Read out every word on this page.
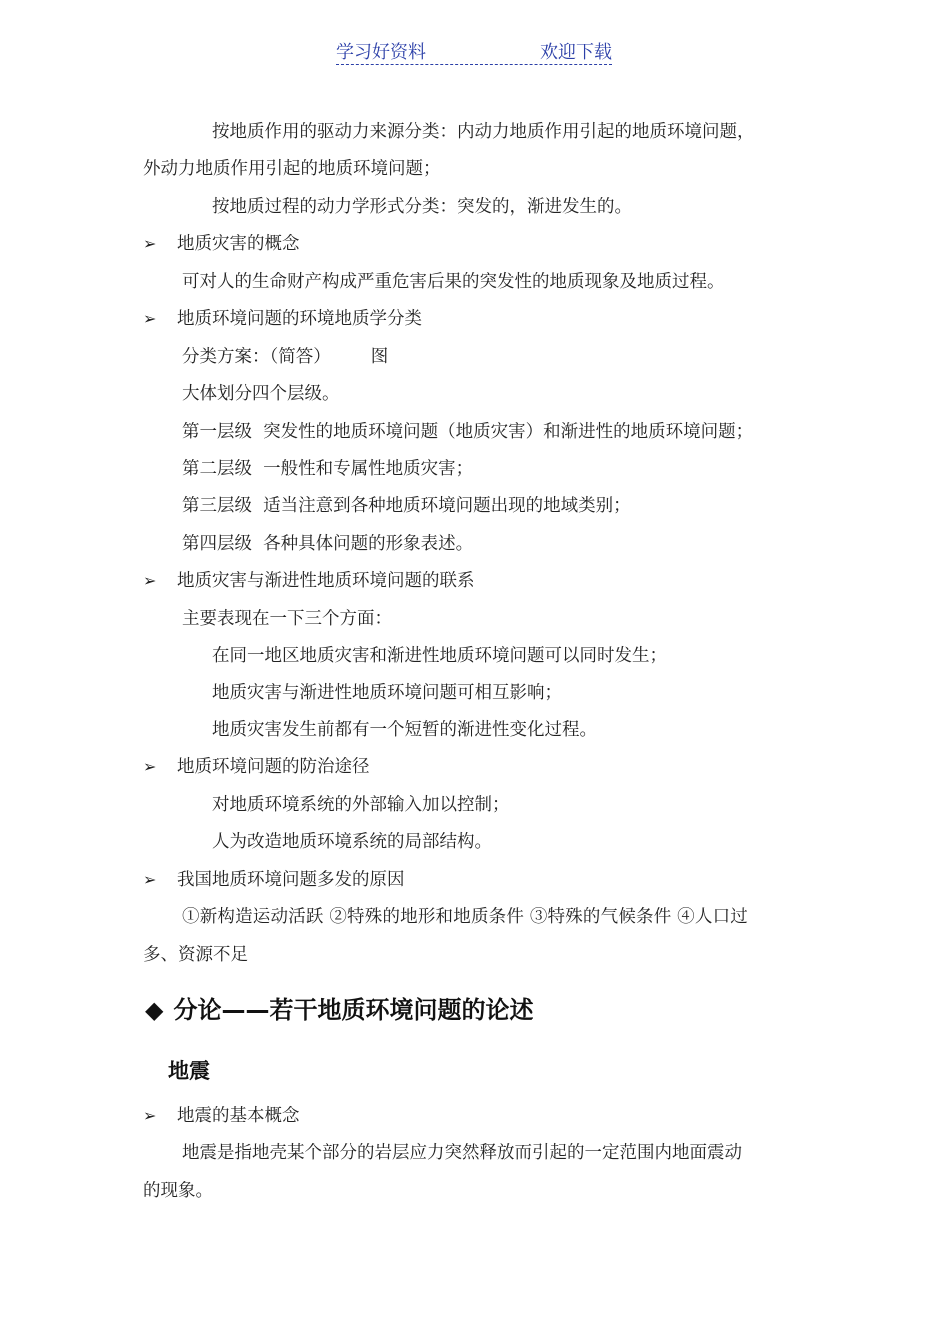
学习好资料	欢迎下载
按地质作用的驱动力来源分类：内动力地质作用引起的地质环境问题，
外动力地质作用引起的地质环境问题；
按地质过程的动力学形式分类：突发的，渐进发生的。
➢ 地质灾害的概念
可对人的生命财产构成严重危害后果的突发性的地质现象及地质过程。
➢ 地质环境问题的环境地质学分类
分类方案：（简答） 图
大体划分四个层级。
第一层级 突发性的地质环境问题（地质灾害）和渐进性的地质环境问题；
第二层级 一般性和专属性地质灾害；
第三层级 适当注意到各种地质环境问题出现的地域类别；
第四层级 各种具体问题的形象表述。
➢ 地质灾害与渐进性地质环境问题的联系
主要表现在一下三个方面：
在同一地区地质灾害和渐进性地质环境问题可以同时发生；
地质灾害与渐进性地质环境问题可相互影响；
地质灾害发生前都有一个短暂的渐进性变化过程。
➢ 地质环境问题的防治途径
对地质环境系统的外部输入加以控制；
人为改造地质环境系统的局部结构。
➢ 我国地质环境问题多发的原因
①新构造运动活跃 ②特殊的地形和地质条件 ③特殊的气候条件 ④人口过
多、资源不足
◆ 分论——若干地质环境问题的论述
地震
➢ 地震的基本概念
地震是指地壳某个部分的岩层应力突然释放而引起的一定范围内地面震动
的现象。
